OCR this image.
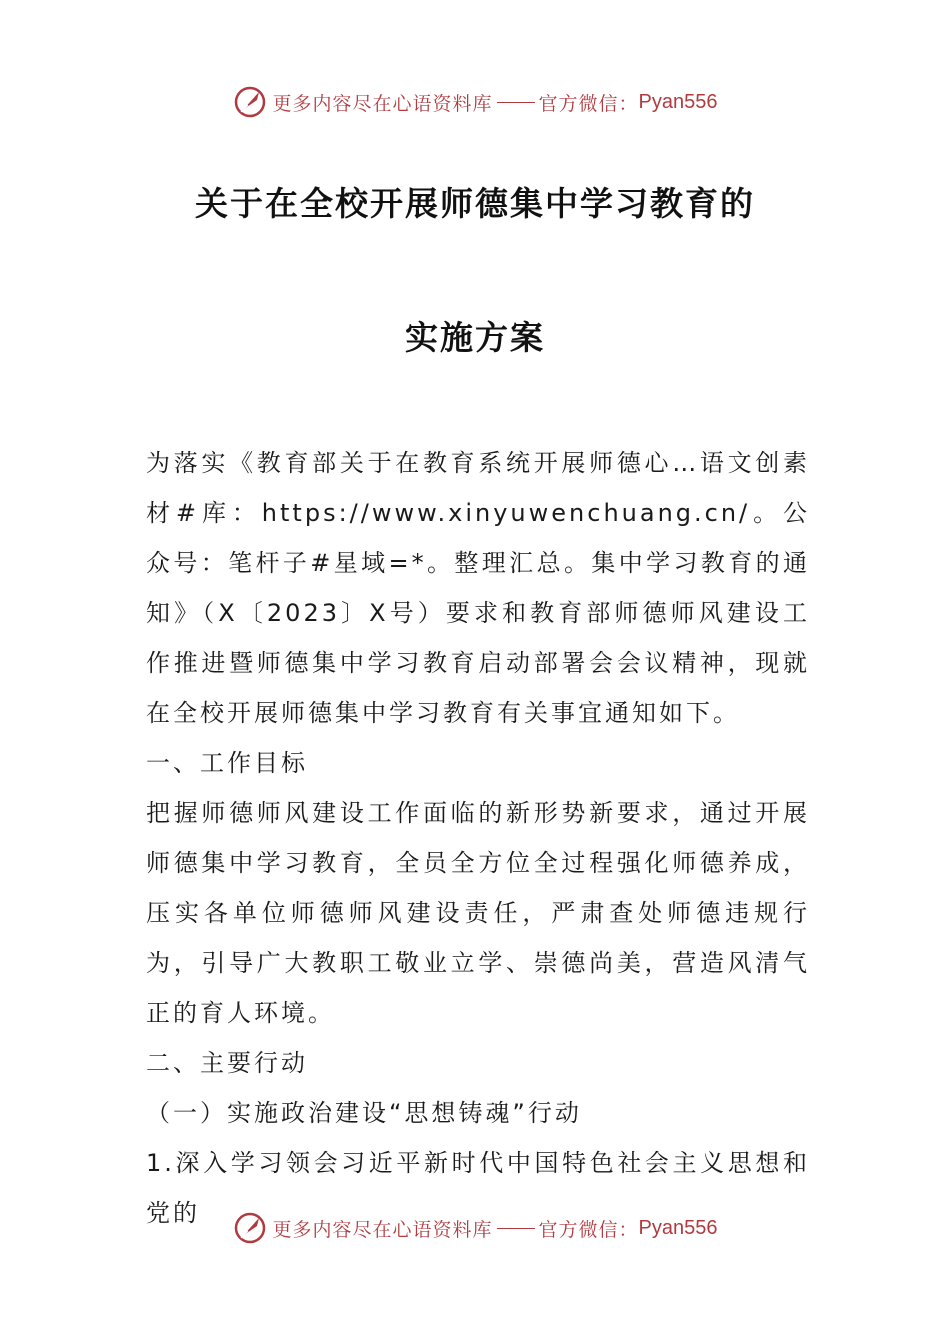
更多内容尽在心语资料库 官方微信： Pyan556
关于在全校开展师德集中学习教育的
实施方案

为落实《教育部关于在教育系统开展师德心…语文创素材#库：https://www.xinyuwenchuang.cn/。公众号：笔杆子#星域=*。整理汇总。集中学习教育的通知》（X〔2023〕X号）要求和教育部师德师风建设工作推进暨师德集中学习教育启动部署会会议精神，现就在全校开展师德集中学习教育有关事宜通知如下。

一、工作目标

把握师德师风建设工作面临的新形势新要求，通过开展师德集中学习教育，全员全方位全过程强化师德养成，压实各单位师德师风建设责任，严肃查处师德违规行为，引导广大教职工敬业立学、崇德尚美，营造风清气正的育人环境。

二、主要行动

（一）实施政治建设“思想铸魂”行动

1.深入学习领会习近平新时代中国特色社会主义思想和党的

更多内容尽在心语资料库 官方微信： Pyan556
